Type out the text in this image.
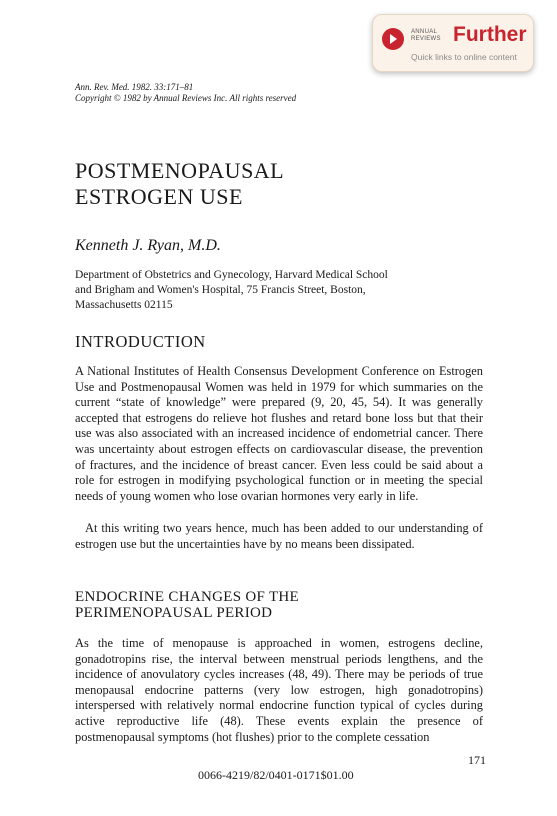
ANNUAL
REVIEWS Further
Quick links to online content
Ann. Rev. Med. 1982. 33:171–81
Copyright © 1982 by Annual Reviews Inc. All rights reserved
POSTMENOPAUSAL
ESTROGEN USE
Kenneth J. Ryan, M.D.
Department of Obstetrics and Gynecology, Harvard Medical School
and Brigham and Women's Hospital, 75 Francis Street, Boston,
Massachusetts 02115
INTRODUCTION

A National Institutes of Health Consensus Development Conference on Estrogen Use and Postmenopausal Women was held in 1979 for which summaries on the current “state of knowledge” were prepared (9, 20, 45, 54). It was generally accepted that estrogens do relieve hot flushes and retard bone loss but that their use was also associated with an increased incidence of endometrial cancer. There was uncertainty about estrogen effects on cardiovascular disease, the prevention of fractures, and the incidence of breast cancer. Even less could be said about a role for estrogen in modifying psychological function or in meeting the special needs of young women who lose ovarian hormones very early in life.

At this writing two years hence, much has been added to our understanding of estrogen use but the uncertainties have by no means been dissipated.

ENDOCRINE CHANGES OF THE
PERIMENOPAUSAL PERIOD

As the time of menopause is approached in women, estrogens decline, gonadotropins rise, the interval between menstrual periods lengthens, and the incidence of anovulatory cycles increases (48, 49). There may be periods of true menopausal endocrine patterns (very low estrogen, high gonadotropins) interspersed with relatively normal endocrine function typical of cycles during active reproductive life (48). These events explain the presence of postmenopausal symptoms (hot flushes) prior to the complete cessation

171
0066-4219/82/0401-0171$01.00
